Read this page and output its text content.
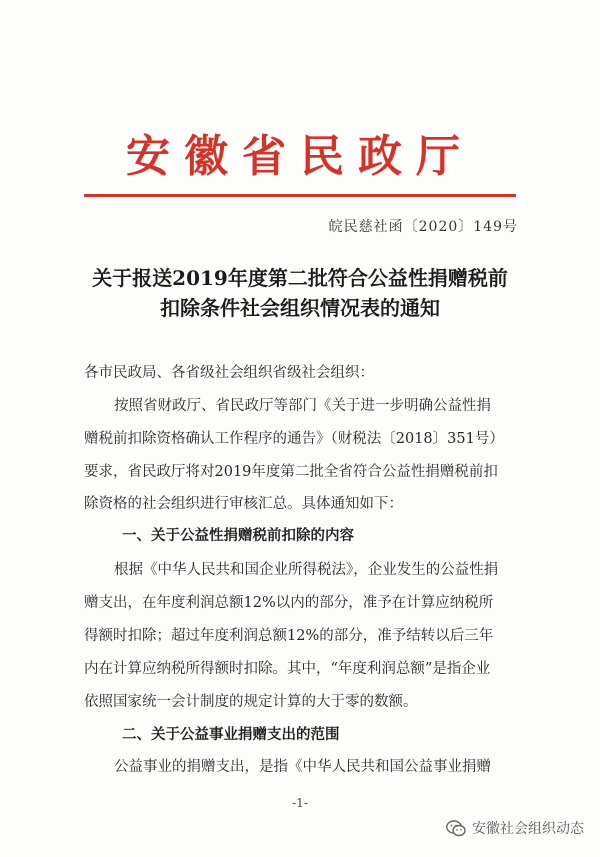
安徽省民政厅
皖民慈社函〔2020〕149号
关于报送2019年度第二批符合公益性捐赠税前
扣除条件社会组织情况表的通知
各市民政局、各省级社会组织省级社会组织：
按照省财政厅、省民政厅等部门《关于进一步明确公益性捐
赠税前扣除资格确认工作程序的通告》（财税法〔2018〕351号）
要求，省民政厅将对2019年度第二批全省符合公益性捐赠税前扣
除资格的社会组织进行审核汇总。具体通知如下：
一、关于公益性捐赠税前扣除的内容
根据《中华人民共和国企业所得税法》，企业发生的公益性捐
赠支出，在年度利润总额12%以内的部分，准予在计算应纳税所
得额时扣除；超过年度利润总额12%的部分，准予结转以后三年
内在计算应纳税所得额时扣除。其中，“年度利润总额”是指企业
依照国家统一会计制度的规定计算的大于零的数额。
二、关于公益事业捐赠支出的范围
公益事业的捐赠支出，是指《中华人民共和国公益事业捐赠
-1-
安徽社会组织动态
